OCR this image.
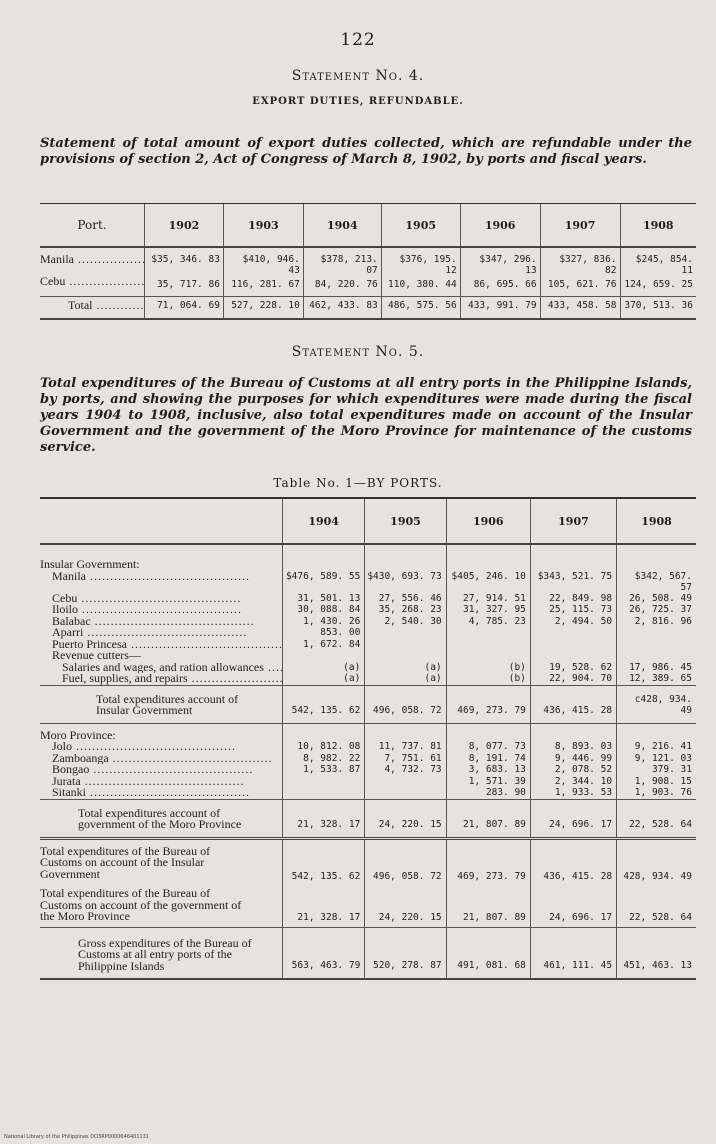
122
Statement No. 4.
EXPORT DUTIES, REFUNDABLE.
Statement of total amount of export duties collected, which are refundable under the provisions of section 2, Act of Congress of March 8, 1902, by ports and fiscal years.
Port.	1902	1903	1904	1905	1906	1907	1908
Manila .....	$35, 346. 83	$410, 946. 43	$378, 213. 07	$376, 195. 12	$347, 296. 13	$327, 836. 82	$245, 854. 11
Cebu .....	35, 717. 86	116, 281. 67	84, 220. 76	110, 380. 44	86, 695. 66	105, 621. 76	124, 659. 25
Total .....	71, 064. 69	527, 228. 10	462, 433. 83	486, 575. 56	433, 991. 79	433, 458. 58	370, 513. 36
Statement No. 5.
Total expenditures of the Bureau of Customs at all entry ports in the Philippine Islands, by ports, and showing the purposes for which expenditures were made during the fiscal years 1904 to 1908, inclusive, also total expenditures made on account of the Insular Government and the government of the Moro Province for maintenance of the customs service.
Table No. 1—BY PORTS.
	1904	1905	1906	1907	1908
Insular Government:					
Manila .....	$476, 589. 55	$430, 693. 73	$405, 246. 10	$343, 521. 75	$342, 567. 57
Cebu .....	31, 501. 13	27, 556. 46	27, 914. 51	22, 849. 98	26, 508. 49
Iloilo .....	30, 088. 84	35, 268. 23	31, 327. 95	25, 115. 73	26, 725. 37
Balabac .....	1, 430. 26	2, 540. 30	4, 785. 23	2, 494. 50	2, 816. 96
Aparri .....	853. 00				
Puerto Princesa .....	1, 672. 84				
Revenue cutters—					
Salaries and wages, and ration allowances .....	(a)	(a)	(b)	19, 528. 62	17, 986. 45
Fuel, supplies, and repairs .....	(a)	(a)	(b)	22, 904. 70	12, 389. 65
Total expenditures account of Insular Government	542, 135. 62	496, 058. 72	469, 273. 79	436, 415. 28	c428, 934. 49
Moro Province:					
Jolo .....	10, 812. 08	11, 737. 81	8, 077. 73	8, 893. 03	9, 216. 41
Zamboanga .....	8, 982. 22	7, 751. 61	8, 191. 74	9, 446. 99	9, 121. 03
Bongao .....	1, 533. 87	4, 732. 73	3, 683. 13	2, 078. 52	379. 31
Jurata .....			1, 571. 39	2, 344. 10	1, 908. 15
Sitanki .....			283. 90	1, 933. 53	1, 903. 76
Total expenditures account of government of the Moro Province	21, 328. 17	24, 220. 15	21, 807. 89	24, 696. 17	22, 528. 64
Total expenditures of the Bureau of Customs on account of the Insular Government	542, 135. 62	496, 058. 72	469, 273. 79	436, 415. 28	428, 934. 49
Total expenditures of the Bureau of Customs on account of the government of the Moro Province	21, 328. 17	24, 220. 15	21, 807. 89	24, 696. 17	22, 528. 64
Gross expenditures of the Bureau of Customs at all entry ports of the Philippine Islands	563, 463. 79	520, 278. 87	491, 081. 68	461, 111. 45	451, 463. 13
National Library of the Philippines DO3RP0000646401131
